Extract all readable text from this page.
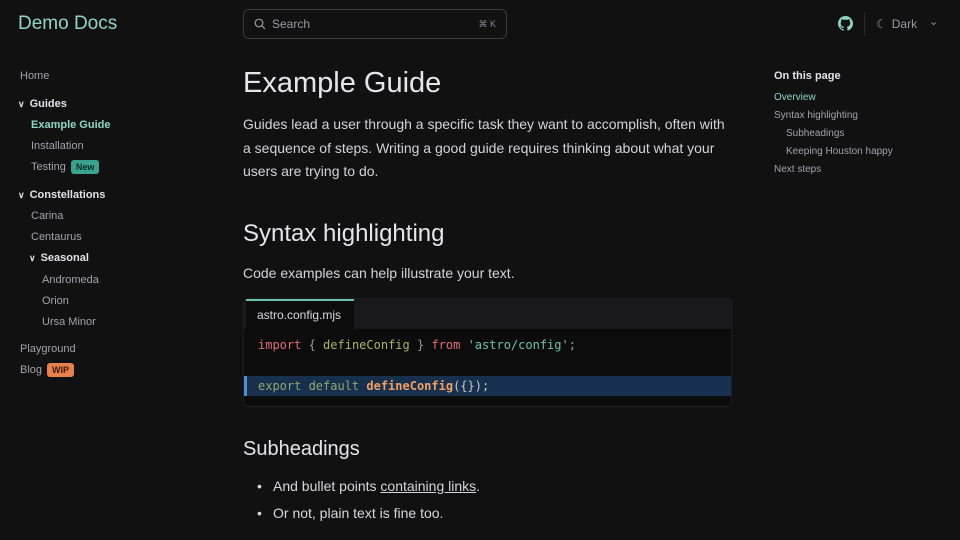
Demo Docs	Search	⌘ K	☾ Dark ⌄
Home
∨ Guides
Example Guide
Installation
Testing New
∨ Constellations
Carina
Centaurus
∨ Seasonal
Andromeda
Orion
Ursa Minor
Playground
Blog WIP
Example Guide

Guides lead a user through a specific task they want to accomplish, often with a sequence of steps. Writing a good guide requires thinking about what your users are trying to do.

Syntax highlighting

Code examples can help illustrate your text.

astro.config.mjs
import { defineConfig } from 'astro/config';
export default defineConfig({});
Subheadings
• And bullet points containing links.
• Or not, plain text is fine too.
On this page
Overview
Syntax highlighting
Subheadings
Keeping Houston happy
Next steps
